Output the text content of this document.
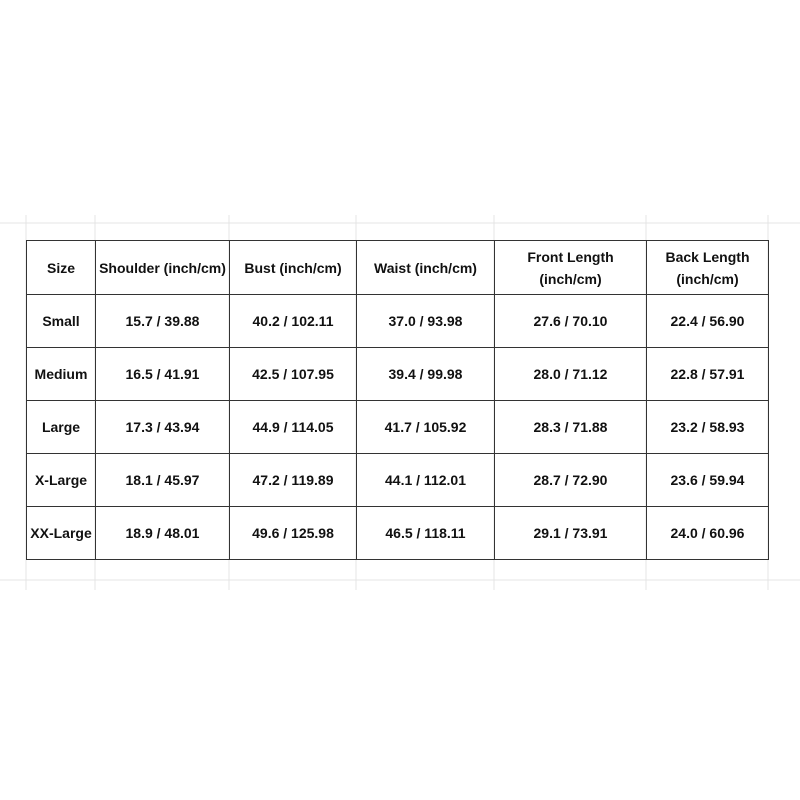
Size	Shoulder (inch/cm)	Bust (inch/cm)	Waist (inch/cm)	Front Length (inch/cm)	Back Length (inch/cm)
Small	15.7 / 39.88	40.2 / 102.11	37.0 / 93.98	27.6 / 70.10	22.4 / 56.90
Medium	16.5 / 41.91	42.5 / 107.95	39.4 / 99.98	28.0 / 71.12	22.8 / 57.91
Large	17.3 / 43.94	44.9 / 114.05	41.7 / 105.92	28.3 / 71.88	23.2 / 58.93
X-Large	18.1 / 45.97	47.2 / 119.89	44.1 / 112.01	28.7 / 72.90	23.6 / 59.94
XX-Large	18.9 / 48.01	49.6 / 125.98	46.5 / 118.11	29.1 / 73.91	24.0 / 60.96
